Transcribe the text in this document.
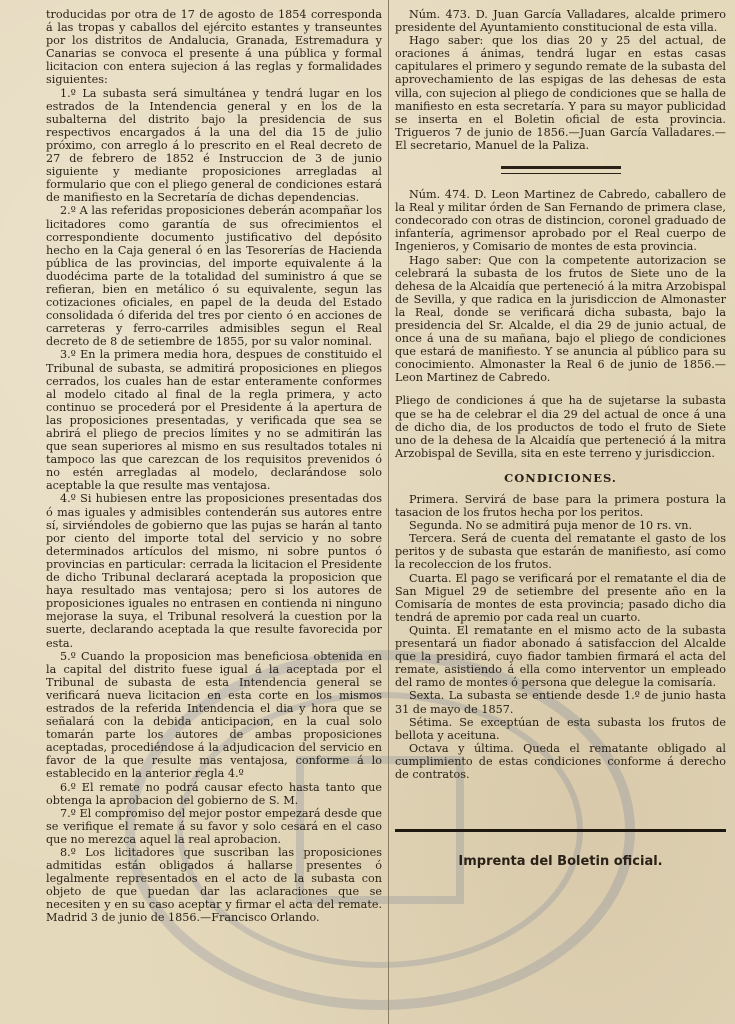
troducidas por otra de 17 de agosto de 1854 corresponda á las tropas y caballos del ejército estantes y transeuntes por los distritos de Andalucia, Granada, Estremadura y Canarias se convoca el presente á una pública y formal licitacion con entera sujecion á las reglas y formalidades siguientes:

1.º La subasta será simultánea y tendrá lugar en los estrados de la Intendencia general y en los de la subalterna del distrito bajo la presidencia de sus respectivos encargados á la una del dia 15 de julio próximo, con arreglo á lo prescrito en el Real decreto de 27 de febrero de 1852 é Instruccion de 3 de junio siguiente y mediante proposiciones arregladas al formulario que con el pliego general de condiciones estará de manifiesto en la Secretaría de dichas dependencias.

2.º A las referidas proposiciones deberán acompañar los licitadores como garantía de sus ofrecimientos el correspondiente documento justificativo del depósito hecho en la Caja general ó en las Tesorerías de Hacienda pública de las provincias, del importe equivalente á la duodécima parte de la totalidad del suministro á que se refieran, bien en metálico ó su equivalente, segun las cotizaciones oficiales, en papel de la deuda del Estado consolidada ó diferida del tres por ciento ó en acciones de carreteras y ferro-carriles admisibles segun el Real decreto de 8 de setiembre de 1855, por su valor nominal.

3.º En la primera media hora, despues de constituido el Tribunal de subasta, se admitirá proposiciones en pliegos cerrados, los cuales han de estar enteramente conformes al modelo citado al final de la regla primera, y acto continuo se procederá por el Presidente á la apertura de las proposiciones presentadas, y verificada que sea se abrirá el pliego de precios límites y no se admitirán las que sean superiores al mismo en sus resultados totales ni tampoco las que carezcan de los requisitos prevenidos ó no estén arregladas al modelo, declarándose solo aceptable la que resulte mas ventajosa.

4.º Si hubiesen entre las proposiciones presentadas dos ó mas iguales y admisibles contenderán sus autores entre sí, sirviéndoles de gobierno que las pujas se harán al tanto por ciento del importe total del servicio y no sobre determinados artículos del mismo, ni sobre puntos ó provincias en particular: cerrada la licitacion el Presidente de dicho Tribunal declarará aceptada la proposicion que haya resultado mas ventajosa; pero si los autores de proposiciones iguales no entrasen en contienda ni ninguno mejorase la suya, el Tribunal resolverá la cuestion por la suerte, declarando aceptada la que resulte favorecida por esta.

5.º Cuando la proposicion mas beneficiosa obtenida en la capital del distrito fuese igual á la aceptada por el Tribunal de subasta de esta Intendencia general se verificará nueva licitacion en esta corte en los mismos estrados de la referida Intendencia el dia y hora que se señalará con la debida anticipacion, en la cual solo tomarán parte los autores de ambas proposiciones aceptadas, procediéndose á la adjudicacion del servicio en favor de la que resulte mas ventajosa, conforme á lo establecido en la anterior regla 4.º

6.º El remate no podrá causar efecto hasta tanto que obtenga la aprobacion del gobierno de S. M.

7.º El compromiso del mejor postor empezará desde que se verifique el remate á su favor y solo cesará en el caso que no merezca aquel la real aprobacion.

8.º Los licitadores que suscriban las proposiciones admitidas están obligados á hallarse presentes ó legalmente representados en el acto de la subasta con objeto de que puedan dar las aclaraciones que se necesiten y en su caso aceptar y firmar el acta del remate. Madrid 3 de junio de 1856.—Francisco Orlando.

Núm. 473. D. Juan García Valladares, alcalde primero presidente del Ayuntamiento constitucional de esta villa.

Hago saber: que los dias 20 y 25 del actual, de oraciones á ánimas, tendrá lugar en estas casas capitulares el primero y segundo remate de la subasta del aprovechamiento de las espigas de las dehesas de esta villa, con sujecion al pliego de condiciones que se halla de manifiesto en esta secretaría. Y para su mayor publicidad se inserta en el Boletin oficial de esta provincia. Trigueros 7 de junio de 1856.—Juan García Valladares.—El secretario, Manuel de la Paliza.

Núm. 474. D. Leon Martinez de Cabredo, caballero de la Real y militar órden de San Fernando de primera clase, condecorado con otras de distincion, coronel graduado de infantería, agrimensor aprobado por el Real cuerpo de Ingenieros, y Comisario de montes de esta provincia.

Hago saber: Que con la competente autorizacion se celebrará la subasta de los frutos de Siete uno de la dehesa de la Alcaidía que perteneció á la mitra Arzobispal de Sevilla, y que radica en la jurisdiccion de Almonaster la Real, donde se verificará dicha subasta, bajo la presidencia del Sr. Alcalde, el dia 29 de junio actual, de once á una de su mañana, bajo el pliego de condiciones que estará de manifiesto. Y se anuncia al público para su conocimiento. Almonaster la Real 6 de junio de 1856.—Leon Martinez de Cabredo.

Pliego de condiciones á que ha de sujetarse la subasta que se ha de celebrar el dia 29 del actual de once á una de dicho dia, de los productos de todo el fruto de Siete uno de la dehesa de la Alcaidía que perteneció á la mitra Arzobispal de Sevilla, sita en este terreno y jurisdiccion.

CONDICIONES.

Primera. Servirá de base para la primera postura la tasacion de los frutos hecha por los peritos.

Segunda. No se admitirá puja menor de 10 rs. vn.

Tercera. Será de cuenta del rematante el gasto de los peritos y de subasta que estarán de manifiesto, así como la recoleccion de los frutos.

Cuarta. El pago se verificará por el rematante el dia de San Miguel 29 de setiembre del presente año en la Comisaría de montes de esta provincia; pasado dicho dia tendrá de apremio por cada real un cuarto.

Quinta. El rematante en el mismo acto de la subasta presentará un fiador abonado á satisfaccion del Alcalde que la presidirá, cuyo fiador tambien firmará el acta del remate, asistiendo á ella como interventor un empleado del ramo de montes ó persona que delegue la comisaría.

Sexta. La subasta se entiende desde 1.º de junio hasta 31 de mayo de 1857.

Sétima. Se exceptúan de esta subasta los frutos de bellota y aceituna.

Octava y última. Queda el rematante obligado al cumplimiento de estas condiciones conforme á derecho de contratos.

Imprenta del Boletin oficial.
